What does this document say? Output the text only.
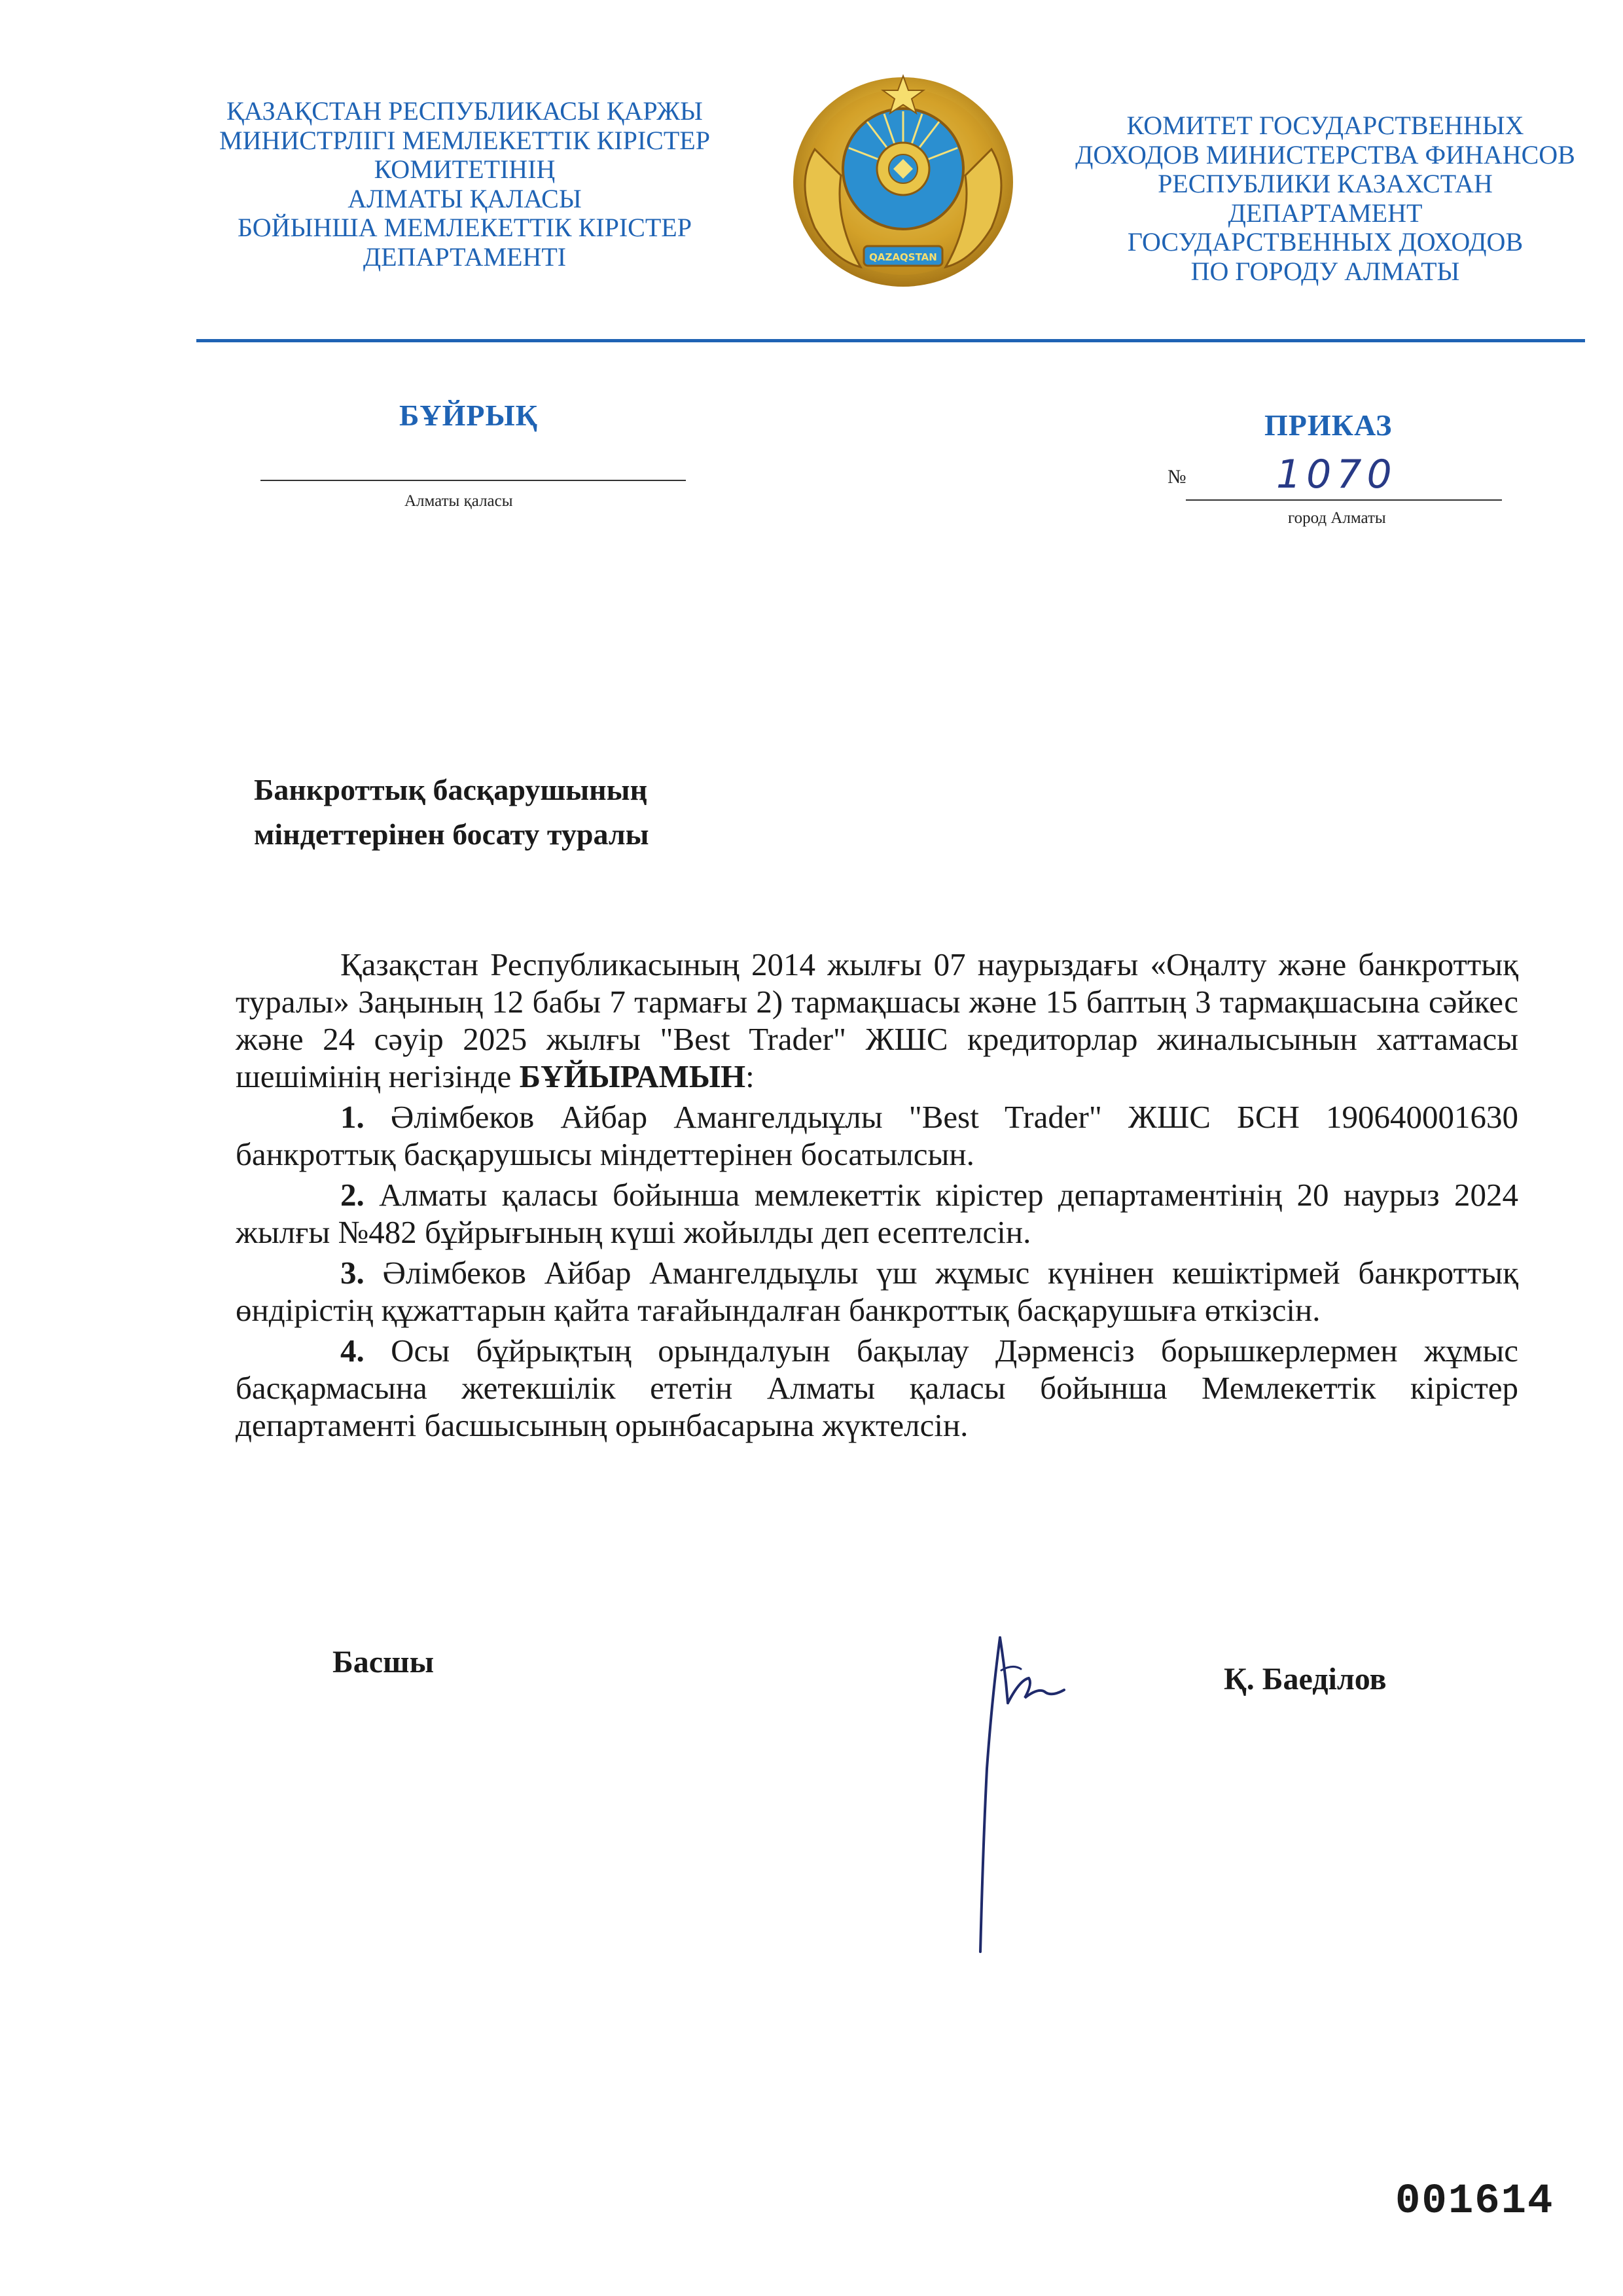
ҚАЗАҚСТАН РЕСПУБЛИКАСЫ ҚАРЖЫ
МИНИСТРЛІГІ МЕМЛЕКЕТТІК КІРІСТЕР
КОМИТЕТІНІҢ
АЛМАТЫ ҚАЛАСЫ
БОЙЫНША МЕМЛЕКЕТТІК КІРІСТЕР
ДЕПАРТАМЕНТІ	QAZAQSTAN
КОМИТЕТ ГОСУДАРСТВЕННЫХ
ДОХОДОВ МИНИСТЕРСТВА ФИНАНСОВ
РЕСПУБЛИКИ КАЗАХСТАН
ДЕПАРТАМЕНТ
ГОСУДАРСТВЕННЫХ ДОХОДОВ
ПО ГОРОДУ АЛМАТЫ
БҰЙРЫҚ	ПРИКАЗ
Алматы қаласы
№ 1070
город Алматы
Банкроттық басқарушының
міндеттерінен босату туралы

Қазақстан Республикасының 2014 жылғы 07 наурыздағы «Оңалту және банкроттық туралы» Заңының 12 бабы 7 тармағы 2) тармақшасы және 15 баптың 3 тармақшасына сәйкес және 24 сәуір 2025 жылғы "Best Trader" ЖШС кредиторлар жиналысынын хаттамасы шешімінің негізінде БҰЙЫРАМЫН:

1. Әлімбеков Айбар Амангелдыұлы "Best Trader" ЖШС БСН 190640001630 банкроттық басқарушысы міндеттерінен босатылсын.

2. Алматы қаласы бойынша мемлекеттік кірістер департаментінің 20 наурыз 2024 жылғы №482 бұйрығының күші жойылды деп есептелсін.

3. Әлімбеков Айбар Амангелдыұлы үш жұмыс күнінен кешіктірмей банкроттық өндірістің құжаттарын қайта тағайындалған банкроттық басқарушыға өткізсін.

4. Осы бұйрықтың орындалуын бақылау Дәрменсіз борышкерлермен жұмыс басқармасына жетекшілік ететін Алматы қаласы бойынша Мемлекеттік кірістер департаменті басшысының орынбасарына жүктелсін.

Басшы	Қ. Баеділов
001614
